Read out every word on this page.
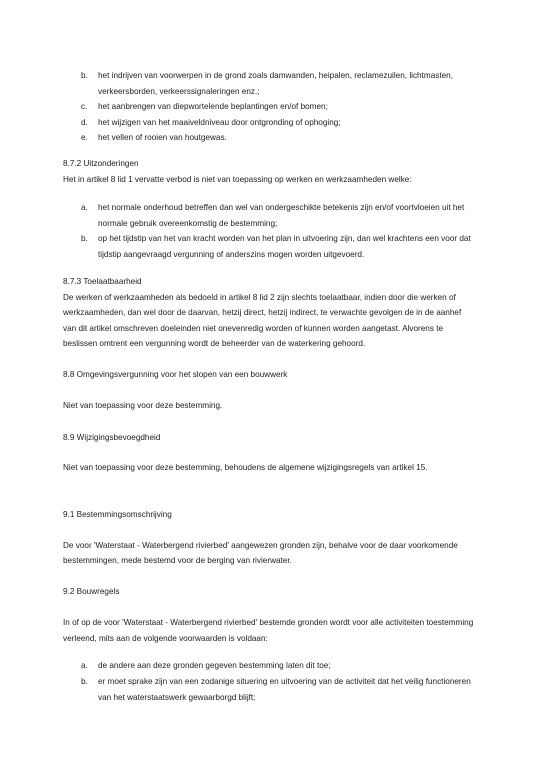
b. het indrijven van voorwerpen in de grond zoals damwanden, heipalen, reclamezuilen, lichtmasten,
verkeersborden, verkeerssignaleringen enz.;
c. het aanbrengen van diepwortelende beplantingen en/of bomen;
d. het wijzigen van het maaiveldniveau door ontgronding of ophoging;
e. het vellen of rooien van houtgewas.
8.7.2 Uitzonderingen
Het in artikel 8 lid 1 vervatte verbod is niet van toepassing op werken en werkzaamheden welke:
a. het normale onderhoud betreffen dan wel van ondergeschikte betekenis zijn en/of voortvloeien uit het
normale gebruik overeenkomstig de bestemming;
b. op het tijdstip van het van kracht worden van het plan in uitvoering zijn, dan wel krachtens een voor dat
tijdstip aangevraagd vergunning of anderszins mogen worden uitgevoerd.
8.7.3 Toelaatbaarheid
De werken of werkzaamheden als bedoeld in artikel 8 lid 2 zijn slechts toelaatbaar, indien door die werken of
werkzaamheden, dan wel door de daarvan, hetzij direct, hetzij indirect, te verwachte gevolgen de in de aanhef
van dit artikel omschreven doeleinden niet onevenredig worden of kunnen worden aangetast. Alvorens te
beslissen omtrent een vergunning wordt de beheerder van de waterkering gehoord.
8.8 Omgevingsvergunning voor het slopen van een bouwwerk
Niet van toepassing voor deze bestemming.
8.9 Wijzigingsbevoegdheid
Niet van toepassing voor deze bestemming, behoudens de algemene wijzigingsregels van artikel 15.
9.1 Bestemmingsomschrijving
De voor 'Waterstaat - Waterbergend rivierbed' aangewezen gronden zijn, behalve voor de daar voorkomende
bestemmingen, mede bestemd voor de berging van rivierwater.
9.2 Bouwregels
In of op de voor 'Waterstaat - Waterbergend rivierbed' bestemde gronden wordt voor alle activiteiten toestemming
verleend, mits aan de volgende voorwaarden is voldaan:
a. de andere aan deze gronden gegeven bestemming laten dit toe;
b. er moet sprake zijn van een zodanige situering en uitvoering van de activiteit dat het veilig functioneren
van het waterstaatswerk gewaarborgd blijft;
